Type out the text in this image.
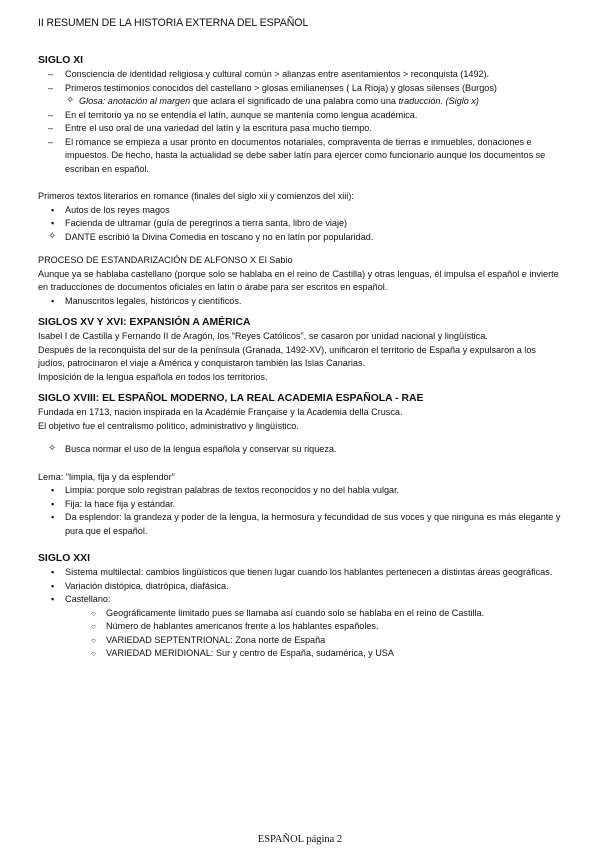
II RESUMEN DE LA HISTORIA EXTERNA DEL ESPAÑOL

SIGLO XI

– Consciencia de identidad religiosa y cultural común > alianzas entre asentamientos > reconquista (1492).
– Primeros testimonios conocidos del castellano > glosas emilianenses ( La Rioja) y glosas silenses (Burgos)
✧ Glosa: anotación al margen que aclara el significado de una palabra como una traducción. (Siglo x)
– En el territorio ya no se entendía el latín, aunque se mantenía como lengua académica.
– Entre el uso oral de una variedad del latín y la escritura pasa mucho tiempo.
– El romance se empieza a usar pronto en documentos notariales, compraventa de tierras e inmuebles, donaciones e impuestos. De hecho, hasta la actualidad se debe saber latín para ejercer como funcionario aunque los documentos se escriban en español.

Primeros textos literarios en romance (finales del siglo xii y comienzos del xiii):

▪ Autos de los reyes magos
▪ Facienda de ultramar (guía de peregrinos a tierra santa, libro de viaje)
✧ DANTE escribió la Divina Comedia en toscano y no en latín por popularidad.

PROCESO DE ESTANDARIZACIÓN DE ALFONSO X El Sabio

Aunque ya se hablaba castellano (porque solo se hablaba en el reino de Castilla) y otras lenguas, él impulsa el español e invierte en traducciones de documentos oficiales en latín o árabe para ser escritos en español.

▪ Manuscritos legales, históricos y científicos.

SIGLOS XV Y XVI: EXPANSIÓN A AMÉRICA

Isabel I de Castilla y Fernando II de Aragón, los "Reyes Católicos", se casaron por unidad nacional y lingüística.

Después de la reconquista del sur de la península (Granada, 1492-XV), unificaron el territorio de España y expulsaron a los judíos, patrocinaron el viaje a América y conquistaron también las Islas Canarias.

Imposición de la lengua española en todos los territorios.

SIGLO XVIII: EL ESPAÑOL MODERNO, LA REAL ACADEMIA ESPAÑOLA - RAE

Fundada en 1713, nación inspirada en la Académie Française y la Academia della Crusca.

El objetivo fue el centralismo político, administrativo y lingüístico.

✧ Busca normar el uso de la lengua española y conservar su riqueza.

Lema: "limpia, fija y da esplendor"

▪ Limpia: porque solo registran palabras de textos reconocidos y no del habla vulgar.
▪ Fija: la hace fija y estándar.
▪ Da esplendor: la grandeza y poder de la lengua, la hermosura y fecundidad de sus voces y que ninguna es más elegante y pura que el español.

SIGLO XXI

▪ Sistema multilectal: cambios lingüísticos que tienen lugar cuando los hablantes pertenecen a distintas áreas geográficas.
▪ Variación distópica, diatrópica, diafásica.
▪ Castellano:
○ Geográficamente limitado pues se llamaba así cuando solo se hablaba en el reino de Castilla.
○ Número de hablantes americanos frente a los hablantes españoles.
○ VARIEDAD SEPTENTRIONAL: Zona norte de España
○ VARIEDAD MERIDIONAL: Sur y centro de España, sudamérica, y USA
ESPAÑOL página 2
